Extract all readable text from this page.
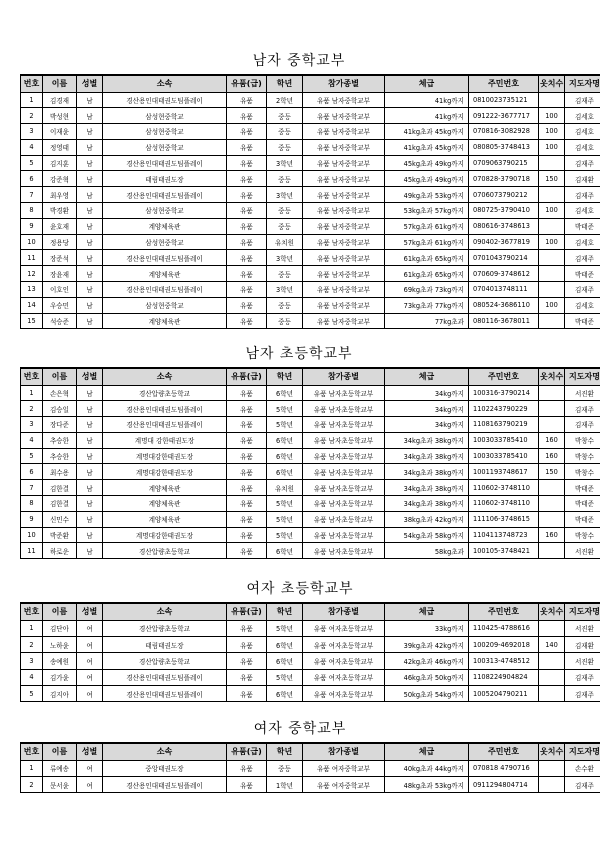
남자 중학교부
번호	이름	성별	소속	유품(급)	학년	참가종별	체급	주민번호	옷치수	지도자명
1	김경재	남	경산용인대태권도팀플레이	유품	2학년	유품 남자중학교부	41kg까지	0810023735121		김재주
2	박성현	남	삼성현중학교	유품	중등	유품 남자중학교부	41kg까지	091222-3677717	100	김세호
3	이재윤	남	삼성현중학교	유품	중등	유품 남자중학교부	41kg초과 45kg까지	070816-3082928	100	김세호
4	정영태	남	삼성현중학교	유품	중등	유품 남자중학교부	41kg초과 45kg까지	080805-3748413	100	김세호
5	김지훈	남	경산용인대태권도팀플레이	유품	3학년	유품 남자중학교부	45kg초과 49kg까지	0709063790215		김재주
6	강준혁	남	태림태권도장	유품	중등	유품 남자중학교부	45kg초과 49kg까지	070828-3790718	150	김재환
7	최우영	남	경산용인대태권도팀플레이	유품	3학년	유품 남자중학교부	49kg초과 53kg까지	0706073790212		김재주
8	박경환	남	삼성현중학교	유품	중등	유품 남자중학교부	53kg초과 57kg까지	080725-3790410	100	김세호
9	윤호재	남	계양체육관	유품	중등	유품 남자중학교부	57kg초과 61kg까지	080616-3748613		박태준
10	정용당	남	삼성현중학교	유품	유치원	유품 남자중학교부	57kg초과 61kg까지	090402-3677819	100	김세호
11	장준석	남	경산용인대태권도팀플레이	유품	3학년	유품 남자중학교부	61kg초과 65kg까지	0701043790214		김재주
12	장윤재	남	계양체육관	유품	중등	유품 남자중학교부	61kg초과 65kg까지	070609-3748612		박태준
13	이호인	남	경산용인대태권도팀플레이	유품	3학년	유품 남자중학교부	69kg초과 73kg까지	0704013748111		김재주
14	우승민	남	삼성현중학교	유품	중등	유품 남자중학교부	73kg초과 77kg까지	080524-3686110	100	김세호
15	석승준	남	계양체육관	유품	중등	유품 남자중학교부	77kg초과	080116-3678011		박태준
남자 초등학교부
번호	이름	성별	소속	유품(급)	학년	참가종별	체급	주민번호	옷치수	지도자명
1	손은혁	남	경산압량초등학교	유품	6학년	유품 남자초등학교부	34kg까지	100316-3790214		서진환
2	김승일	남	경산용인대태권도팀플레이	유품	5학년	유품 남자초등학교부	34kg까지	1102243790229		김재주
3	장다준	남	경산용인대태권도팀플레이	유품	5학년	유품 남자초등학교부	34kg까지	1108163790219		김재주
4	추승한	남	계명대 강한태권도장	유품	6학년	유품 남자초등학교부	34kg초과 38kg까지	1003033785410	160	박창수
5	추승한	남	계명대강한태권도장	유품	6학년	유품 남자초등학교부	34kg초과 38kg까지	1003033785410	160	박창수
6	최수용	남	계명대강한태권도장	유품	6학년	유품 남자초등학교부	34kg초과 38kg까지	1001193748617	150	박창수
7	김한결	남	계양체육관	유품	유치원	유품 남자초등학교부	34kg초과 38kg까지	110602-3748110		박태준
8	김한결	남	계양체육관	유품	5학년	유품 남자초등학교부	34kg초과 38kg까지	110602-3748110		박태준
9	신민수	남	계양체육관	유품	5학년	유품 남자초등학교부	38kg초과 42kg까지	111106-3748615		박태준
10	박준환	남	계명대강한태권도장	유품	5학년	유품 남자초등학교부	54kg초과 58kg까지	1104113748723	160	박창수
11	하로운	남	경산압량초등학교	유품	6학년	유품 남자초등학교부	58kg초과	100105-3748421		서진환
여자 초등학교부
번호	이름	성별	소속	유품(급)	학년	참가종별	체급	주민번호	옷치수	지도자명
1	김단아	여	경산압량초등학교	유품	5학년	유품 여자초등학교부	33kg까지	110425-4788616		서진환
2	노하윤	여	태림태권도장	유품	6학년	유품 여자초등학교부	39kg초과 42kg까지	100209-4692018	140	김재환
3	송예원	여	경산압량초등학교	유품	6학년	유품 여자초등학교부	42kg초과 46kg까지	100313-4748512		서진환
4	김가윤	여	경산용인대태권도팀플레이	유품	5학년	유품 여자초등학교부	46kg초과 50kg까지	1108224904824		김재주
5	김지아	여	경산용인대태권도팀플레이	유품	6학년	유품 여자초등학교부	50kg초과 54kg까지	1005204790211		김재주
여자 중학교부
번호	이름	성별	소속	유품(급)	학년	참가종별	체급	주민번호	옷치수	지도자명
1	류예송	여	중앙태권도장	유품	중등	유품 여자중학교부	40kg초과 44kg까지	070818 4790716		손수환
2	문서윤	여	경산용인대태권도팀플레이	유품	1학년	유품 여자중학교부	48kg초과 53kg까지	0911294804714		김재주
